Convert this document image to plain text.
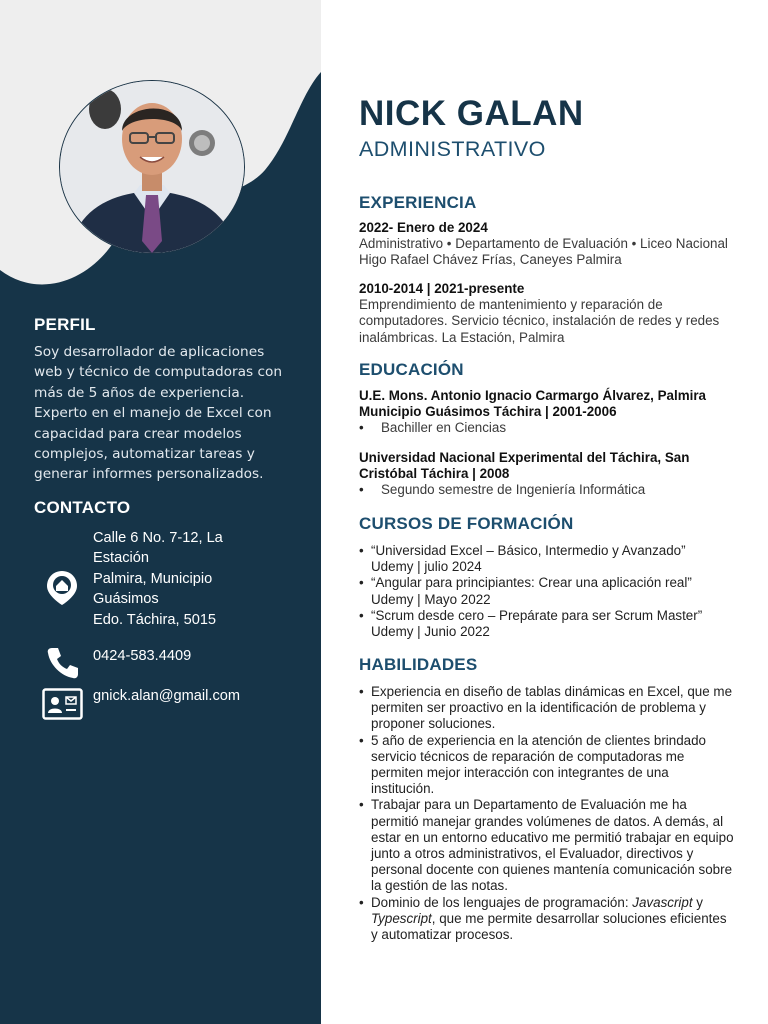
PERFIL
Soy desarrollador de aplicaciones web y técnico de computadoras con más de 5 años de experiencia. Experto en el manejo de Excel con capacidad para crear modelos complejos, automatizar tareas y generar informes personalizados.
CONTACTO
Calle 6 No. 7-12, La
Estación
Palmira, Municipio
Guásimos
Edo. Táchira, 5015
0424-583.4409
gnick.alan@gmail.com
NICK GALAN
ADMINISTRATIVO
EXPERIENCIA
2022- Enero de 2024
Administrativo • Departamento de Evaluación • Liceo Nacional Higo Rafael Chávez Frías, Caneyes Palmira
2010-2014 | 2021-presente
Emprendimiento de mantenimiento y reparación de computadores. Servicio técnico, instalación de redes y redes inalámbricas. La Estación, Palmira
EDUCACIÓN
U.E. Mons. Antonio Ignacio Carmargo Álvarez, Palmira Municipio Guásimos Táchira | 2001-2006
•	Bachiller en Ciencias
Universidad Nacional Experimental del Táchira, San Cristóbal Táchira | 2008
•	Segundo semestre de Ingeniería Informática
CURSOS DE FORMACIÓN
• “Universidad Excel – Básico, Intermedio y Avanzado”
Udemy | julio 2024
• “Angular para principiantes: Crear una aplicación real”
Udemy | Mayo 2022
• “Scrum desde cero – Prepárate para ser Scrum Master”
Udemy | Junio 2022
HABILIDADES
• Experiencia en diseño de tablas dinámicas en Excel, que me permiten ser proactivo en la identificación de problema y proponer soluciones.
• 5 año de experiencia en la atención de clientes brindado servicio técnicos de reparación de computadoras me permiten mejor interacción con integrantes de una institución.
• Trabajar para un Departamento de Evaluación me ha permitió manejar grandes volúmenes de datos. A demás, al estar en un entorno educativo me permitió trabajar en equipo junto a otros administrativos, el Evaluador, directivos y personal docente con quienes mantenía comunicación sobre la gestión de las notas.
• Dominio de los lenguajes de programación: Javascript y Typescript, que me permite desarrollar soluciones eficientes y automatizar procesos.
